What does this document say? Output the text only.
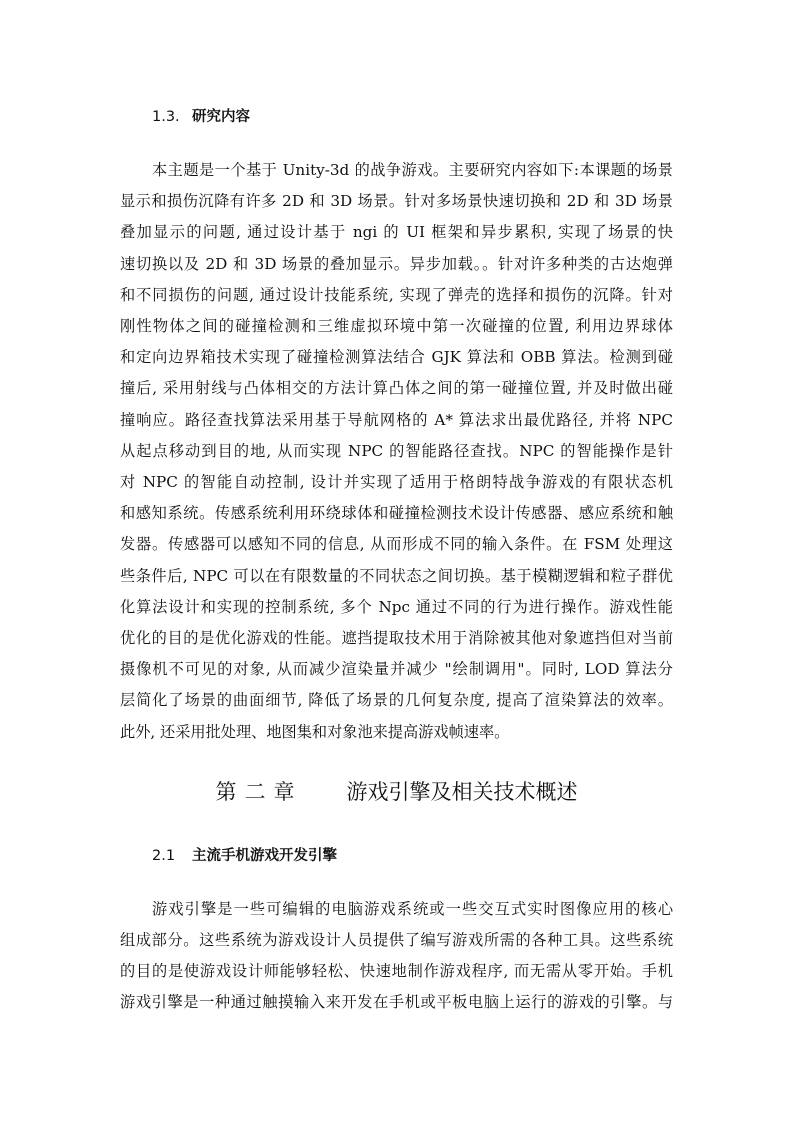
1.3. 研究内容
本主题是一个基于 Unity-3d 的战争游戏。主要研究内容如下:本课题的场景
显示和损伤沉降有许多 2D 和 3D 场景。针对多场景快速切换和 2D 和 3D 场景
叠加显示的问题, 通过设计基于 ngi 的 UI 框架和异步累积, 实现了场景的快
速切换以及 2D 和 3D 场景的叠加显示。异步加载。。针对许多种类的古达炮弹
和不同损伤的问题, 通过设计技能系统, 实现了弹壳的选择和损伤的沉降。针对
刚性物体之间的碰撞检测和三维虚拟环境中第一次碰撞的位置, 利用边界球体
和定向边界箱技术实现了碰撞检测算法结合 GJK 算法和 OBB 算法。检测到碰
撞后, 采用射线与凸体相交的方法计算凸体之间的第一碰撞位置, 并及时做出碰
撞响应。路径查找算法采用基于导航网格的 A* 算法求出最优路径, 并将 NPC
从起点移动到目的地, 从而实现 NPC 的智能路径查找。NPC 的智能操作是针
对 NPC 的智能自动控制, 设计并实现了适用于格朗特战争游戏的有限状态机
和感知系统。传感系统利用环绕球体和碰撞检测技术设计传感器、感应系统和触
发器。传感器可以感知不同的信息, 从而形成不同的输入条件。在 FSM 处理这
些条件后, NPC 可以在有限数量的不同状态之间切换。基于模糊逻辑和粒子群优
化算法设计和实现的控制系统, 多个 Npc 通过不同的行为进行操作。游戏性能
优化的目的是优化游戏的性能。遮挡提取技术用于消除被其他对象遮挡但对当前
摄像机不可见的对象, 从而减少渲染量并减少 "绘制调用"。同时, LOD 算法分
层简化了场景的曲面细节, 降低了场景的几何复杂度, 提高了渲染算法的效率。
此外, 还采用批处理、地图集和对象池来提高游戏帧速率。
第二章 游戏引擎及相关技术概述
2.1 主流手机游戏开发引擎
游戏引擎是一些可编辑的电脑游戏系统或一些交互式实时图像应用的核心
组成部分。这些系统为游戏设计人员提供了编写游戏所需的各种工具。这些系统
的目的是使游戏设计师能够轻松、快速地制作游戏程序, 而无需从零开始。手机
游戏引擎是一种通过触摸输入来开发在手机或平板电脑上运行的游戏的引擎。与
